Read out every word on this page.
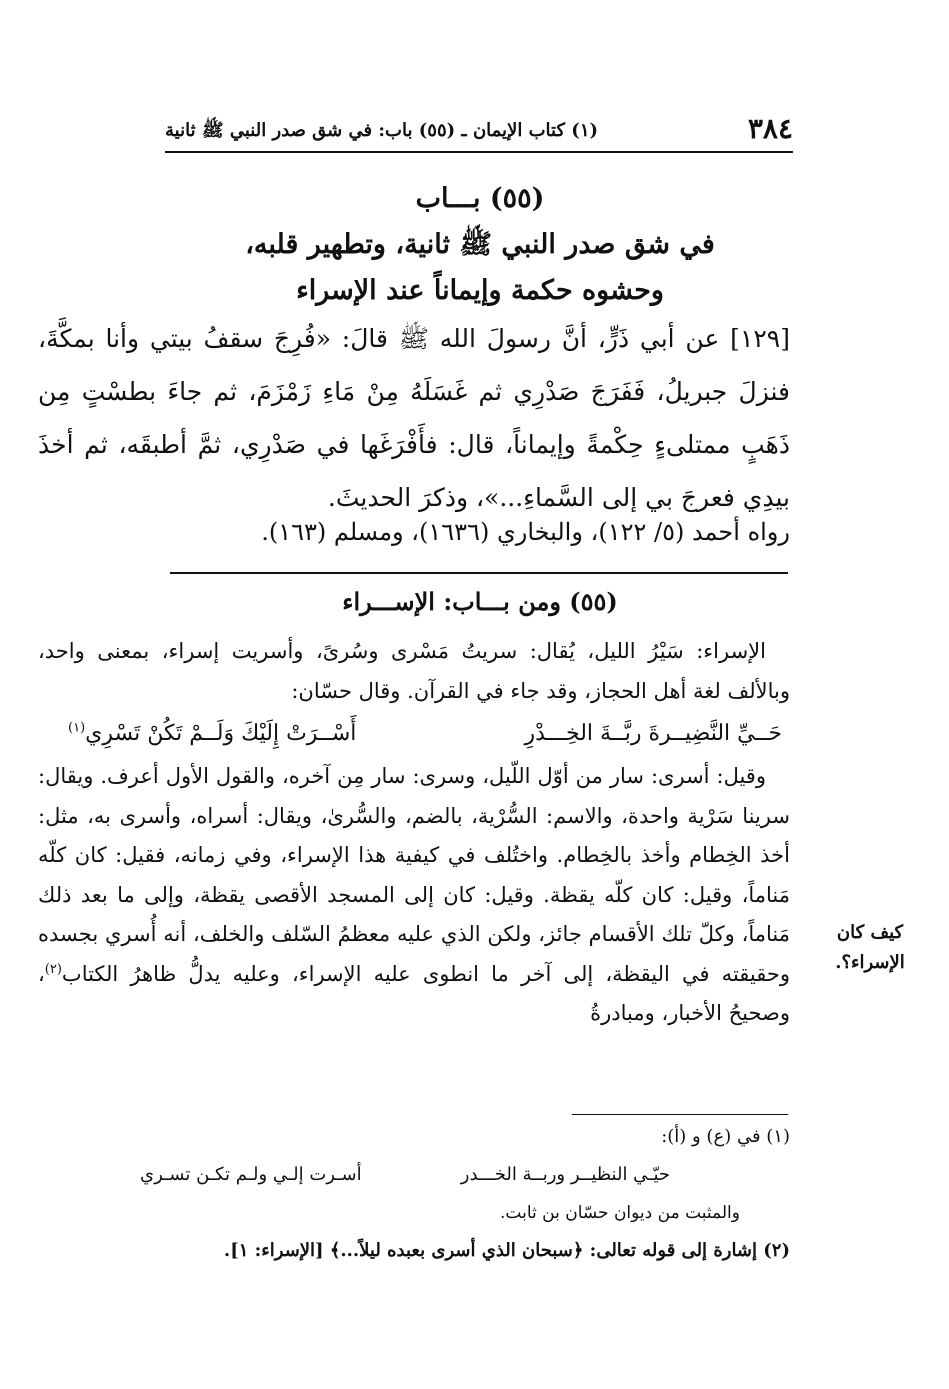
٣٨٤
(١) كتاب الإيمان ـ (٥٥) باب: في شق صدر النبي ﷺ ثانية
(٥٥) بـــاب
في شق صدر النبي ﷺ ثانية، وتطهير قلبه،
وحشوه حكمة وإيماناً عند الإسراء
[١٢٩] عن أبي ذَرٍّ، أنَّ رسولَ الله ﷺ قالَ: «فُرِجَ سقفُ بيتي وأنا بمكَّةَ، فنزلَ جبريلُ، فَفَرَجَ صَدْرِي ثم غَسَلَهُ مِنْ مَاءِ زَمْزَمَ، ثم جاءَ بطسْتٍ مِن ذَهَبٍ ممتلىءٍ حِكْمةً وإيماناً، قال: فأَفْرَغَها في صَدْرِي، ثمَّ أطبقَه، ثم أخذَ بيدِي فعرجَ بي إلى السَّماءِ...»، وذكرَ الحديثَ.
رواه أحمد (٥/ ١٢٢)، والبخاري (١٦٣٦)، ومسلم (١٦٣).
(٥٥) ومن بـــاب: الإســـراء

الإسراء: سَيْرُ الليل، يُقال: سريتُ مَسْرى وسُرىً، وأسريت إسراء، بمعنى واحد، وبالألف لغة أهل الحجاز، وقد جاء في القرآن. وقال حسّان:

حَــيِّ النَّضِيــرةَ ربَّــةَ الخِـــدْرِ
أَسْــرَتْ إِلَيْكَ وَلَــمْ تَكُنْ تَسْرِي$^{(١)}$

وقيل: أسرى: سار من أوّل اللّيل، وسرى: سار مِن آخره، والقول الأول أعرف. ويقال: سرينا سَرْية واحدة، والاسم: السُّرْية، بالضم، والسُّرىٰ، ويقال: أسراه، وأسرى به، مثل: أخذ الخِطام وأخذ بالخِطام. واختُلف في كيفية هذا الإسراء، وفي زمانه، فقيل: كان كلّه مَناماً، وقيل: كان كلّه يقظة. وقيل: كان إلى المسجد الأقصى يقظة، وإلى ما بعد ذلك مَناماً، وكلّ تلك الأقسام جائز، ولكن الذي عليه معظمُ السّلف والخلف، أنه أُسري بجسده وحقيقته في اليقظة، إلى آخر ما انطوى عليه الإسراء، وعليه يدلُّ ظاهرُ الكتاب$^{(٢)}$، وصحيحُ الأخبار، ومبادرةُ

كيف كان
الإسراء؟.
(١) في (ع) و (أ):
حيّـي النظيــر وربــة الخـــدر
أسـرت إلـي ولـم تكـن تسـري
والمثبت من ديوان حسّان بن ثابت.
(٢) إشارة إلى قوله تعالى: ﴿سبحان الذي أسرى بعبده ليلاً...﴾ [الإسراء: ١].
